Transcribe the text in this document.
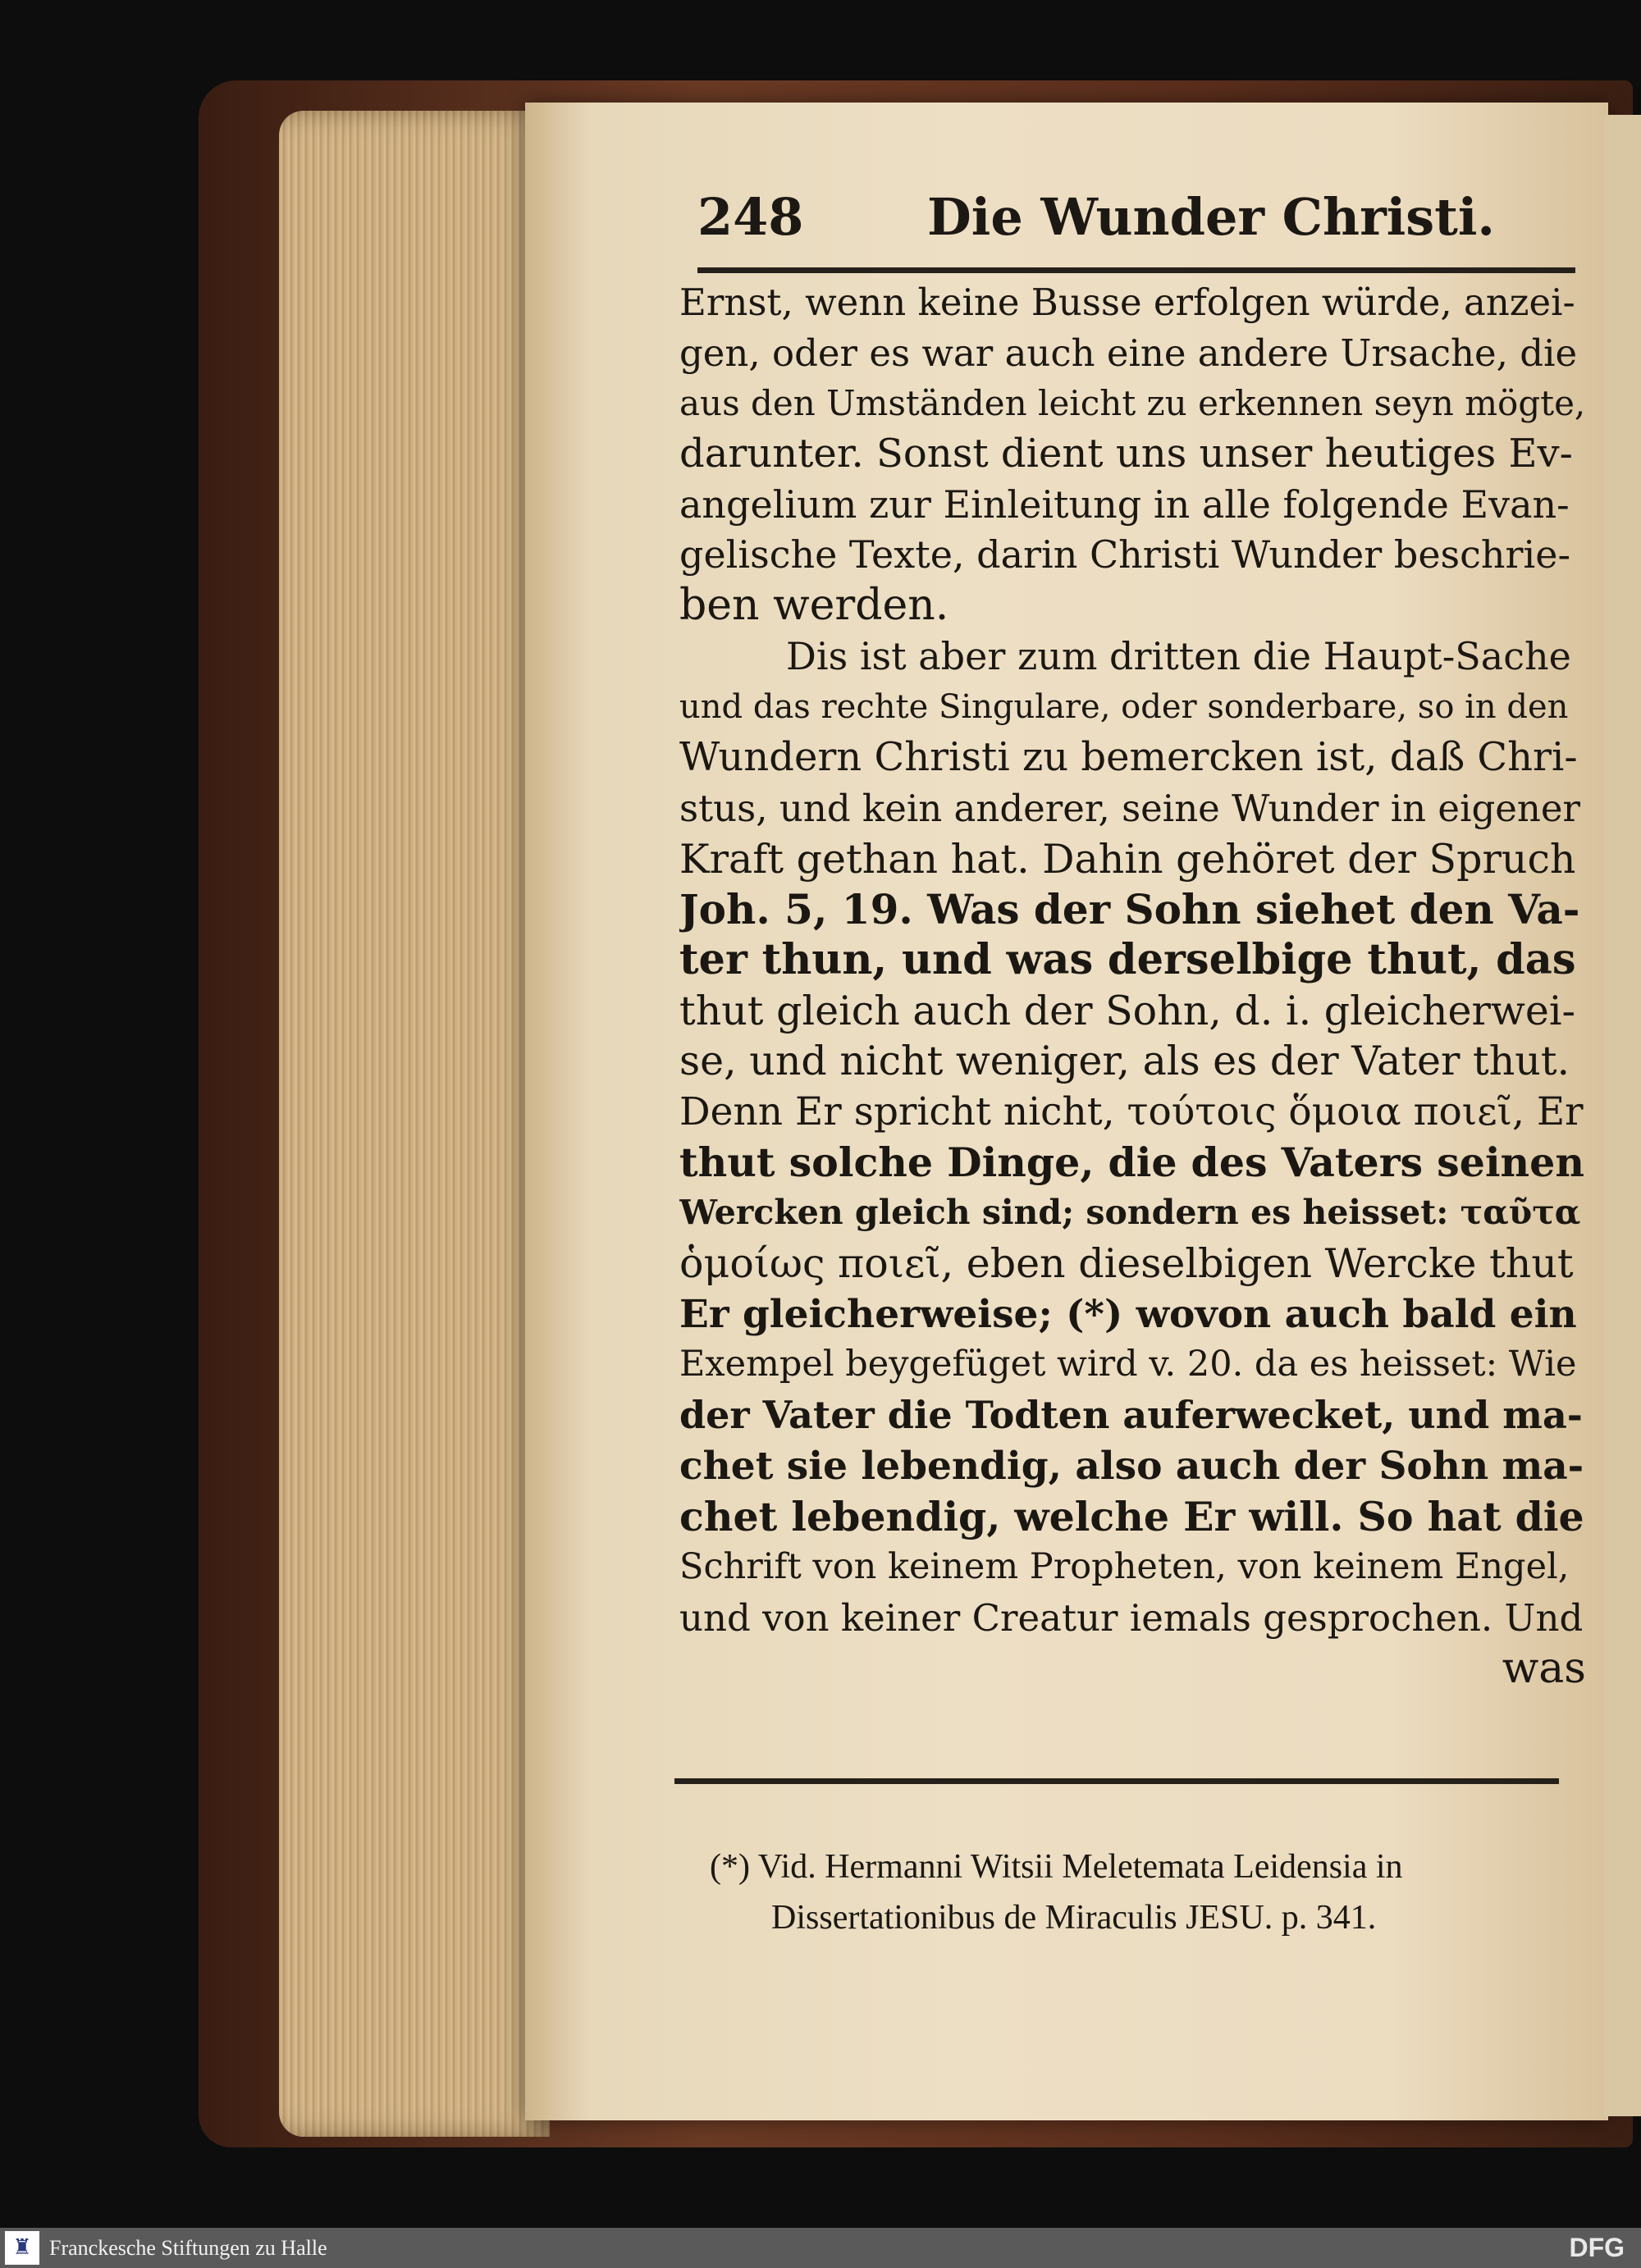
248 Die Wunder Christi.
Ernst, wenn keine Busse erfolgen würde, anzei-
gen, oder es war auch eine andere Ursache, die
aus den Umständen leicht zu erkennen seyn mögte,
darunter. Sonst dient uns unser heutiges Ev-
angelium zur Einleitung in alle folgende Evan-
gelische Texte, darin Christi Wunder beschrie-
ben werden.
Dis ist aber zum dritten die Haupt-Sache
und das rechte Singulare, oder sonderbare, so in den
Wundern Christi zu bemercken ist, daß Chri-
stus, und kein anderer, seine Wunder in eigener
Kraft gethan hat. Dahin gehöret der Spruch
Joh. 5, 19. Was der Sohn siehet den Va-
ter thun, und was derselbige thut, das
thut gleich auch der Sohn, d. i. gleicherwei-
se, und nicht weniger, als es der Vater thut.
Denn Er spricht nicht, τούτοις ὅμοια ποιεῖ, Er
thut solche Dinge, die des Vaters seinen
Wercken gleich sind; sondern es heisset: ταῦτα
ὁμοίως ποιεῖ, eben dieselbigen Wercke thut
Er gleicherweise; (*) wovon auch bald ein
Exempel beygefüget wird v. 20. da es heisset: Wie
der Vater die Todten auferwecket, und ma-
chet sie lebendig, also auch der Sohn ma-
chet lebendig, welche Er will. So hat die
Schrift von keinem Propheten, von keinem Engel,
und von keiner Creatur iemals gesprochen. Und
was
(*) Vid. Hermanni Witsii Meletemata Leidensia in
Dissertationibus de Miraculis JESU. p. 341.
♜ Franckesche Stiftungen zu Halle	DFG
